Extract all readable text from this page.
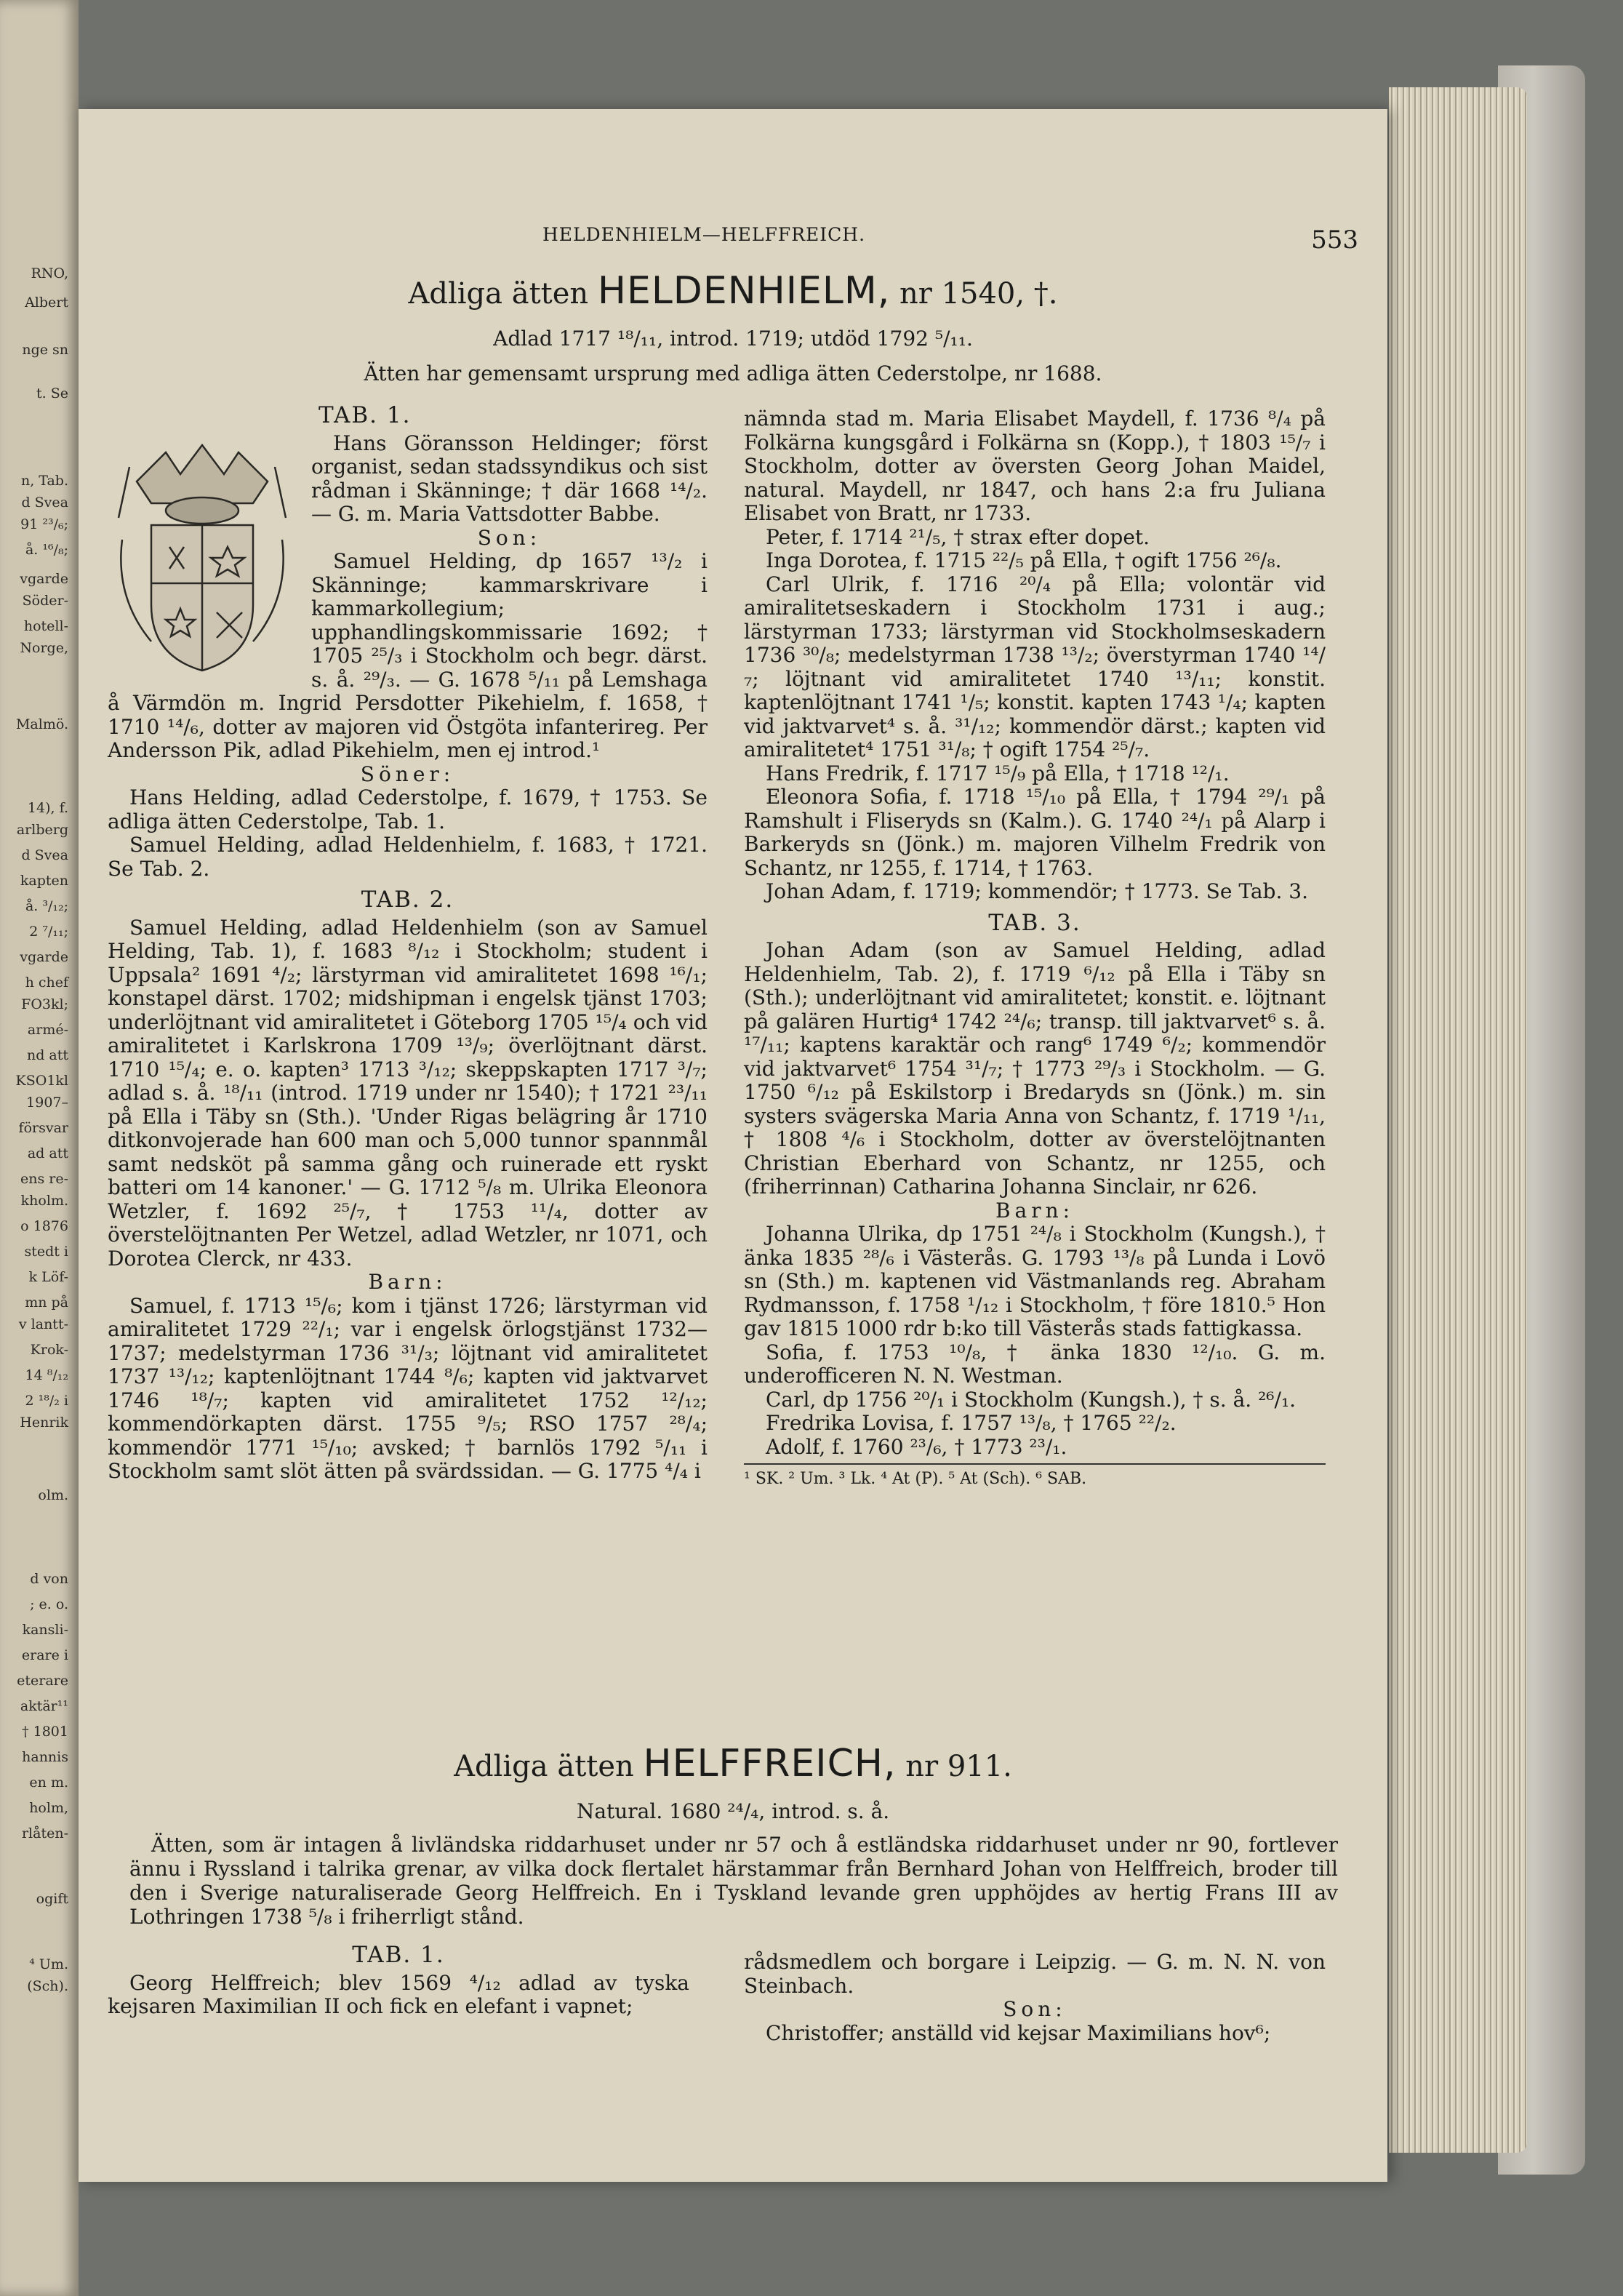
RNO,
Albert
nge sn
t. Se
n, Tab.
d Svea
91 ²³/₆;
å. ¹⁶/₈;
vgarde
Söder-
hotell-
Norge,
Malmö.
14), f.
arlberg
d Svea
kapten
å. ³/₁₂;
2 ⁷/₁₁;
vgarde
h chef
FO3kl;
armé-
nd att
KSO1kl
1907–
försvar
ad att
ens re-
kholm.
o 1876
stedt i
k Löf-
mn på
v lantt-
Krok-
14 ⁸/₁₂
2 ¹⁸/₂ i
Henrik
olm.
d von
; e. o.
kansli-
erare i
eterare
aktär¹¹
† 1801
hannis
en m.
holm,
rlåten-
ogift
⁴ Um.
(Sch).
HELDENHIELM—HELFFREICH.	553
Adliga ätten HELDENHIELM, nr 1540, †.
Adlad 1717 ¹⁸/₁₁, introd. 1719; utdöd 1792 ⁵/₁₁.
Ätten har gemensamt ursprung med adliga ätten Cederstolpe, nr 1688.
TAB. 1.

Hans Göransson Heldinger; först organist, sedan stadssyndikus och sist rådman i Skänninge; † där 1668 ¹⁴/₂. — G. m. Maria Vattsdotter Babbe.

Son:

Samuel Helding, dp 1657 ¹³/₂ i Skänninge; kammarskrivare i kammarkollegium; upphandlingskommissarie 1692; † 1705 ²⁵/₃ i Stockholm och begr. därst. s. å. ²⁹/₃. — G. 1678 ⁵/₁₁ på Lemshaga å Värmdön m. Ingrid Persdotter Pikehielm, f. 1658, † 1710 ¹⁴/₆, dotter av majoren vid Östgöta infanterireg. Per Andersson Pik, adlad Pikehielm, men ej introd.¹

Söner:

Hans Helding, adlad Cederstolpe, f. 1679, † 1753. Se adliga ätten Cederstolpe, Tab. 1.

Samuel Helding, adlad Heldenhielm, f. 1683, † 1721. Se Tab. 2.

TAB. 2.

Samuel Helding, adlad Heldenhielm (son av Samuel Helding, Tab. 1), f. 1683 ⁸/₁₂ i Stockholm; student i Uppsala² 1691 ⁴/₂; lärstyrman vid amiralitetet 1698 ¹⁶/₁; konstapel därst. 1702; midshipman i engelsk tjänst 1703; underlöjtnant vid amiralitetet i Göteborg 1705 ¹⁵/₄ och vid amiralitetet i Karlskrona 1709 ¹³/₉; överlöjtnant därst. 1710 ¹⁵/₄; e. o. kapten³ 1713 ³/₁₂; skeppskapten 1717 ³/₇; adlad s. å. ¹⁸/₁₁ (introd. 1719 under nr 1540); † 1721 ²³/₁₁ på Ella i Täby sn (Sth.). 'Under Rigas belägring år 1710 ditkonvojerade han 600 man och 5,000 tunnor spannmål samt nedsköt på samma gång och ruinerade ett ryskt batteri om 14 kanoner.' — G. 1712 ⁵/₈ m. Ulrika Eleonora Wetzler, f. 1692 ²⁵/₇, † 1753 ¹¹/₄, dotter av överstelöjtnanten Per Wetzel, adlad Wetzler, nr 1071, och Dorotea Clerck, nr 433.

Barn:

Samuel, f. 1713 ¹⁵/₆; kom i tjänst 1726; lärstyrman vid amiralitetet 1729 ²²/₁; var i engelsk örlogstjänst 1732—1737; medelstyrman 1736 ³¹/₃; löjtnant vid amiralitetet 1737 ¹³/₁₂; kaptenlöjtnant 1744 ⁸/₆; kapten vid jaktvarvet 1746 ¹⁸/₇; kapten vid amiralitetet 1752 ¹²/₁₂; kommendörkapten därst. 1755 ⁹/₅; RSO 1757 ²⁸/₄; kommendör 1771 ¹⁵/₁₀; avsked; † barnlös 1792 ⁵/₁₁ i Stockholm samt slöt ätten på svärdssidan. — G. 1775 ⁴/₄ i

nämnda stad m. Maria Elisabet Maydell, f. 1736 ⁸/₄ på Folkärna kungsgård i Folkärna sn (Kopp.), † 1803 ¹⁵/₇ i Stockholm, dotter av översten Georg Johan Maidel, natural. Maydell, nr 1847, och hans 2:a fru Juliana Elisabet von Bratt, nr 1733.

Peter, f. 1714 ²¹/₅, † strax efter dopet.

Inga Dorotea, f. 1715 ²²/₅ på Ella, † ogift 1756 ²⁶/₈.

Carl Ulrik, f. 1716 ²⁰/₄ på Ella; volontär vid amiralitetseskadern i Stockholm 1731 i aug.; lärstyrman 1733; lärstyrman vid Stockholmseskadern 1736 ³⁰/₈; medelstyrman 1738 ¹³/₂; överstyrman 1740 ¹⁴/₇; löjtnant vid amiralitetet 1740 ¹³/₁₁; konstit. kaptenlöjtnant 1741 ¹/₅; konstit. kapten 1743 ¹/₄; kapten vid jaktvarvet⁴ s. å. ³¹/₁₂; kommendör därst.; kapten vid amiralitetet⁴ 1751 ³¹/₈; † ogift 1754 ²⁵/₇.

Hans Fredrik, f. 1717 ¹⁵/₉ på Ella, † 1718 ¹²/₁.

Eleonora Sofia, f. 1718 ¹⁵/₁₀ på Ella, † 1794 ²⁹/₁ på Ramshult i Fliseryds sn (Kalm.). G. 1740 ²⁴/₁ på Alarp i Barkeryds sn (Jönk.) m. majoren Vilhelm Fredrik von Schantz, nr 1255, f. 1714, † 1763.

Johan Adam, f. 1719; kommendör; † 1773. Se Tab. 3.

TAB. 3.

Johan Adam (son av Samuel Helding, adlad Heldenhielm, Tab. 2), f. 1719 ⁶/₁₂ på Ella i Täby sn (Sth.); underlöjtnant vid amiralitetet; konstit. e. löjtnant på galären Hurtig⁴ 1742 ²⁴/₆; transp. till jaktvarvet⁶ s. å. ¹⁷/₁₁; kaptens karaktär och rang⁶ 1749 ⁶/₂; kommendör vid jaktvarvet⁶ 1754 ³¹/₇; † 1773 ²⁹/₃ i Stockholm. — G. 1750 ⁶/₁₂ på Eskilstorp i Bredaryds sn (Jönk.) m. sin systers svägerska Maria Anna von Schantz, f. 1719 ¹/₁₁, † 1808 ⁴/₆ i Stockholm, dotter av överstelöjtnanten Christian Eberhard von Schantz, nr 1255, och (friherrinnan) Catharina Johanna Sinclair, nr 626.

Barn:

Johanna Ulrika, dp 1751 ²⁴/₈ i Stockholm (Kungsh.), † änka 1835 ²⁸/₆ i Västerås. G. 1793 ¹³/₈ på Lunda i Lovö sn (Sth.) m. kaptenen vid Västmanlands reg. Abraham Rydmansson, f. 1758 ¹/₁₂ i Stockholm, † före 1810.⁵ Hon gav 1815 1000 rdr b:ko till Västerås stads fattigkassa.

Sofia, f. 1753 ¹⁰/₈, † änka 1830 ¹²/₁₀. G. m. underofficeren N. N. Westman.

Carl, dp 1756 ²⁰/₁ i Stockholm (Kungsh.), † s. å. ²⁶/₁.

Fredrika Lovisa, f. 1757 ¹³/₈, † 1765 ²²/₂.

Adolf, f. 1760 ²³/₆, † 1773 ²³/₁.

¹ SK. ² Um. ³ Lk. ⁴ At (P). ⁵ At (Sch). ⁶ SAB.
Adliga ätten HELFFREICH, nr 911.
Natural. 1680 ²⁴/₄, introd. s. å.

Ätten, som är intagen å livländska riddarhuset under nr 57 och å estländska riddarhuset under nr 90, fortlever ännu i Ryssland i talrika grenar, av vilka dock flertalet härstammar från Bernhard Johan von Helffreich, broder till den i Sverige naturaliserade Georg Helffreich. En i Tyskland levande gren upphöjdes av hertig Frans III av Lothringen 1738 ⁵/₈ i friherrligt stånd.

TAB. 1.

Georg Helffreich; blev 1569 ⁴/₁₂ adlad av tyska kejsaren Maximilian II och fick en elefant i vapnet;

rådsmedlem och borgare i Leipzig. — G. m. N. N. von Steinbach.

Son:

Christoffer; anställd vid kejsar Maximilians hov⁶;
